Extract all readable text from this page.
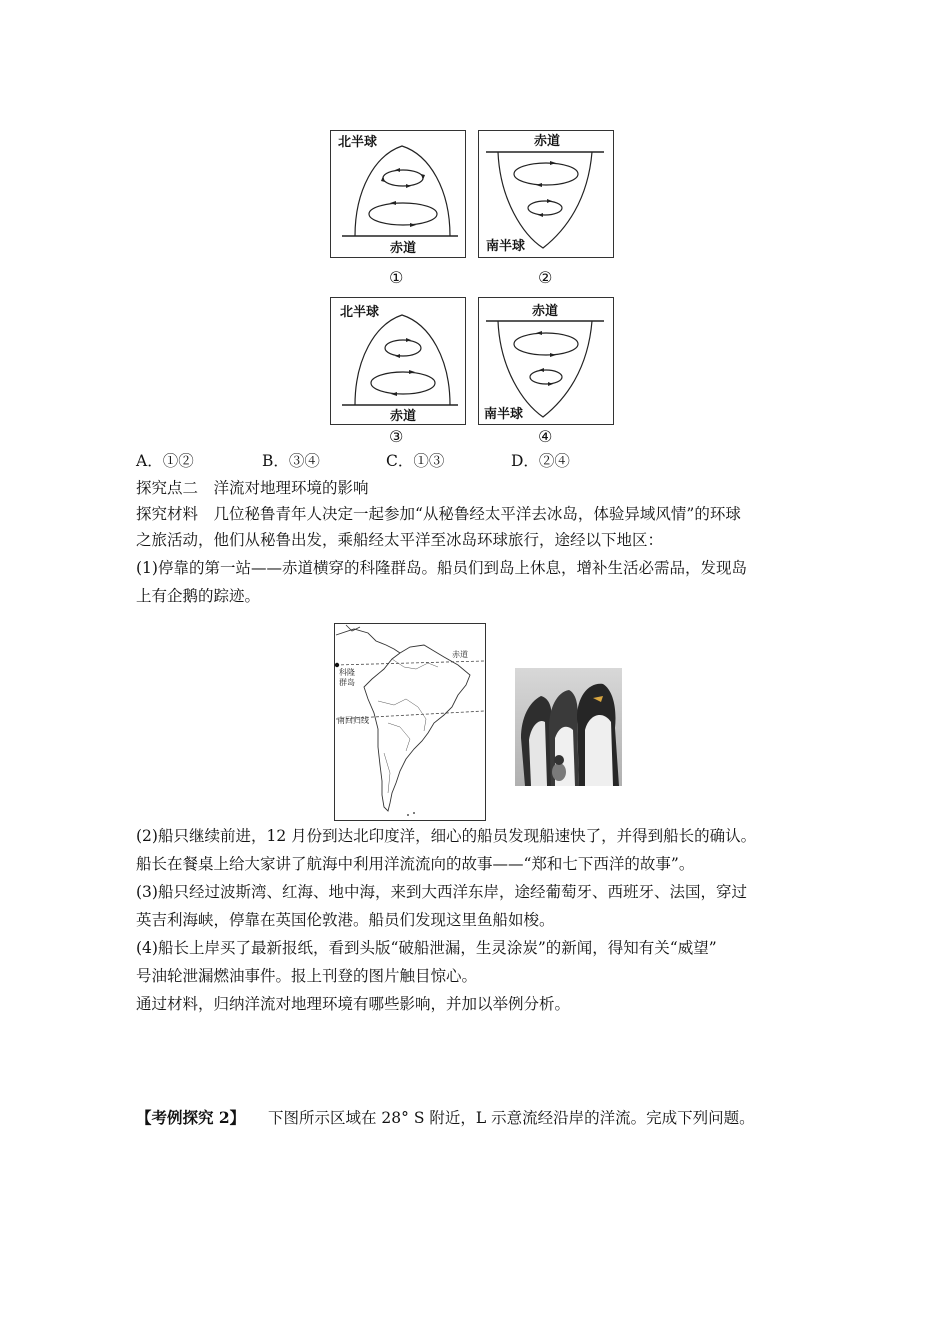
北半球
赤道
①
赤道
南半球
②
北半球
赤道
③
赤道
南半球
④
A．①②	B．③④	C．①③	D．②④
探究点二　洋流对地理环境的影响
探究材料　几位秘鲁青年人决定一起参加“从秘鲁经太平洋去冰岛，体验异域风情”的环球
之旅活动，他们从秘鲁出发，乘船经太平洋至冰岛环球旅行，途经以下地区：
(1)停靠的第一站——赤道横穿的科隆群岛。船员们到岛上休息，增补生活必需品，发现岛
上有企鹅的踪迹。
赤道
科隆
群岛
南回归线
(2)船只继续前进，12 月份到达北印度洋，细心的船员发现船速快了，并得到船长的确认。
船长在餐桌上给大家讲了航海中利用洋流流向的故事——“郑和七下西洋的故事”。
(3)船只经过波斯湾、红海、地中海，来到大西洋东岸，途经葡萄牙、西班牙、法国，穿过
英吉利海峡，停靠在英国伦敦港。船员们发现这里鱼船如梭。
(4)船长上岸买了最新报纸，看到头版“破船泄漏，生灵涂炭”的新闻，得知有关“威望”
号油轮泄漏燃油事件。报上刊登的图片触目惊心。
通过材料，归纳洋流对地理环境有哪些影响，并加以举例分析。
【考例探究 2】 下图所示区域在 28° S 附近，L 示意流经沿岸的洋流。完成下列问题。
